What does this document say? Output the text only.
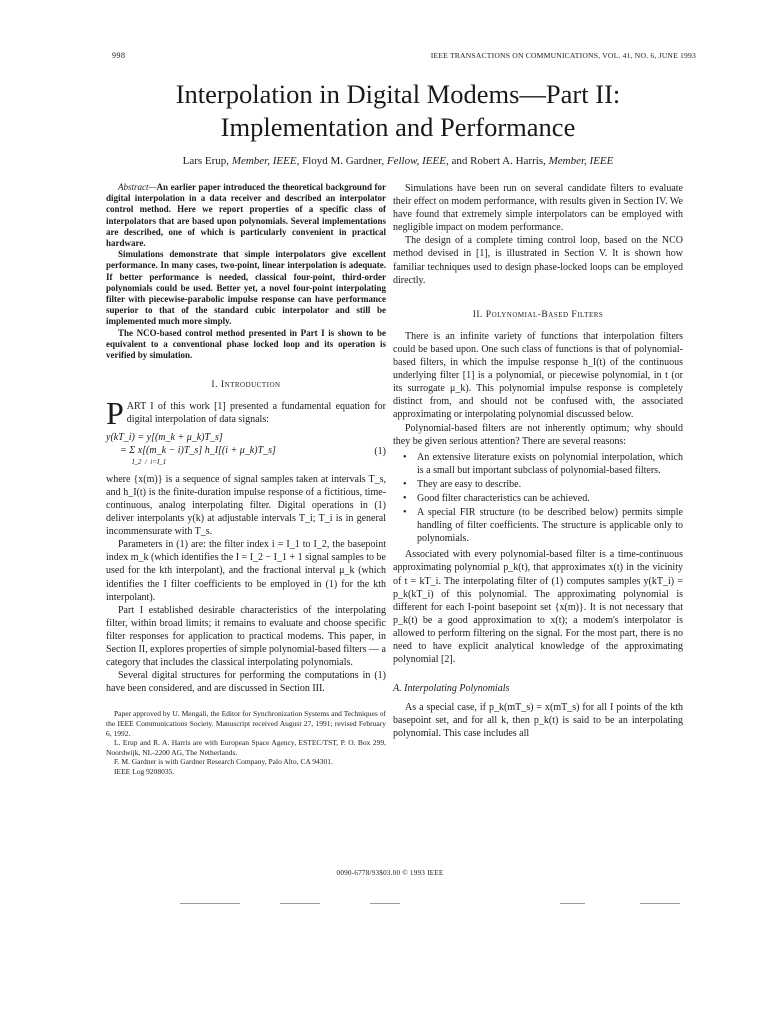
998	IEEE TRANSACTIONS ON COMMUNICATIONS, VOL. 41, NO. 6, JUNE 1993
Interpolation in Digital Modems—Part II:
Implementation and Performance
Lars Erup, Member, IEEE, Floyd M. Gardner, Fellow, IEEE, and Robert A. Harris, Member, IEEE

Abstract—An earlier paper introduced the theoretical background for digital interpolation in a data receiver and described an interpolator control method. Here we report properties of a specific class of interpolators that are based upon polynomials. Several implementations are described, one of which is particularly convenient in practical hardware.

Simulations demonstrate that simple interpolators give excellent performance. In many cases, two-point, linear interpolation is adequate. If better performance is needed, classical four-point, third-order polynomials could be used. Better yet, a novel four-point interpolating filter with piecewise-parabolic impulse response can have performance superior to that of the standard cubic interpolator and still be implemented much more simply.

The NCO-based control method presented in Part I is shown to be equivalent to a conventional phase locked loop and its operation is verified by simulation.

I. Introduction

PART I of this work [1] presented a fundamental equation for digital interpolation of data signals:

y(kT_i) = y[(m_k + μ_k)T_s]
= Σ x[(m_k − i)T_s] h_I[(i + μ_k)T_s]
I_2  /  i=I_1
(1)

where {x(m)} is a sequence of signal samples taken at intervals T_s, and h_I(t) is the finite-duration impulse response of a fictitious, time-continuous, analog interpolating filter. Digital operations in (1) deliver interpolants y(k) at adjustable intervals T_i; T_i is in general incommensurate with T_s.

Parameters in (1) are: the filter index i = I_1 to I_2, the basepoint index m_k (which identifies the I = I_2 − I_1 + 1 signal samples to be used for the kth interpolant), and the fractional interval μ_k (which identifies the I filter coefficients to be employed in (1) for the kth interpolant).

Part I established desirable characteristics of the interpolating filter, within broad limits; it remains to evaluate and choose specific filter responses for application to practical modems. This paper, in Section II, explores properties of simple polynomial-based filters — a category that includes the classical interpolating polynomials.

Several digital structures for performing the computations in (1) have been considered, and are discussed in Section III.

Paper approved by U. Mengali, the Editor for Synchronization Systems and Techniques of the IEEE Communications Society. Manuscript received August 27, 1991; revised February 6, 1992.

L. Erup and R. A. Harris are with European Space Agency, ESTEC/TST, P. O. Box 299, Noordwijk, NL-2200 AG, The Netherlands.

F. M. Gardner is with Gardner Research Company, Palo Alto, CA 94301.

IEEE Log 9208035.

Simulations have been run on several candidate filters to evaluate their effect on modem performance, with results given in Section IV. We have found that extremely simple interpolators can be employed with negligible impact on modem performance.

The design of a complete timing control loop, based on the NCO method devised in [1], is illustrated in Section V. It is shown how familiar techniques used to design phase-locked loops can be employed directly.

II. Polynomial-Based Filters

There is an infinite variety of functions that interpolation filters could be based upon. One such class of functions is that of polynomial-based filters, in which the impulse response h_I(t) of the continuous underlying filter [1] is a polynomial, or piecewise polynomial, in t (or its surrogate μ_k). This polynomial impulse response is completely distinct from, and should not be confused with, the associated approximating or interpolating polynomial discussed below.

Polynomial-based filters are not inherently optimum; why should they be given serious attention? There are several reasons:

• An extensive literature exists on polynomial interpolation, which is a small but important subclass of polynomial-based filters.
• They are easy to describe.
• Good filter characteristics can be achieved.
• A special FIR structure (to be described below) permits simple handling of filter coefficients. The structure is applicable only to polynomials.

Associated with every polynomial-based filter is a time-continuous approximating polynomial p_k(t), that approximates x(t) in the vicinity of t = kT_i. The interpolating filter of (1) computes samples y(kT_i) = p_k(kT_i) of this polynomial. The approximating polynomial is different for each I-point basepoint set {x(m)}. It is not necessary that p_k(t) be a good approximation to x(t); a modem's interpolator is allowed to perform filtering on the signal. For the most part, there is no need to have explicit analytical knowledge of the approximating polynomial [2].

A. Interpolating Polynomials

As a special case, if p_k(mT_s) = x(mT_s) for all I points of the kth basepoint set, and for all k, then p_k(t) is said to be an interpolating polynomial. This case includes all

0090-6778/93$03.00 © 1993 IEEE
